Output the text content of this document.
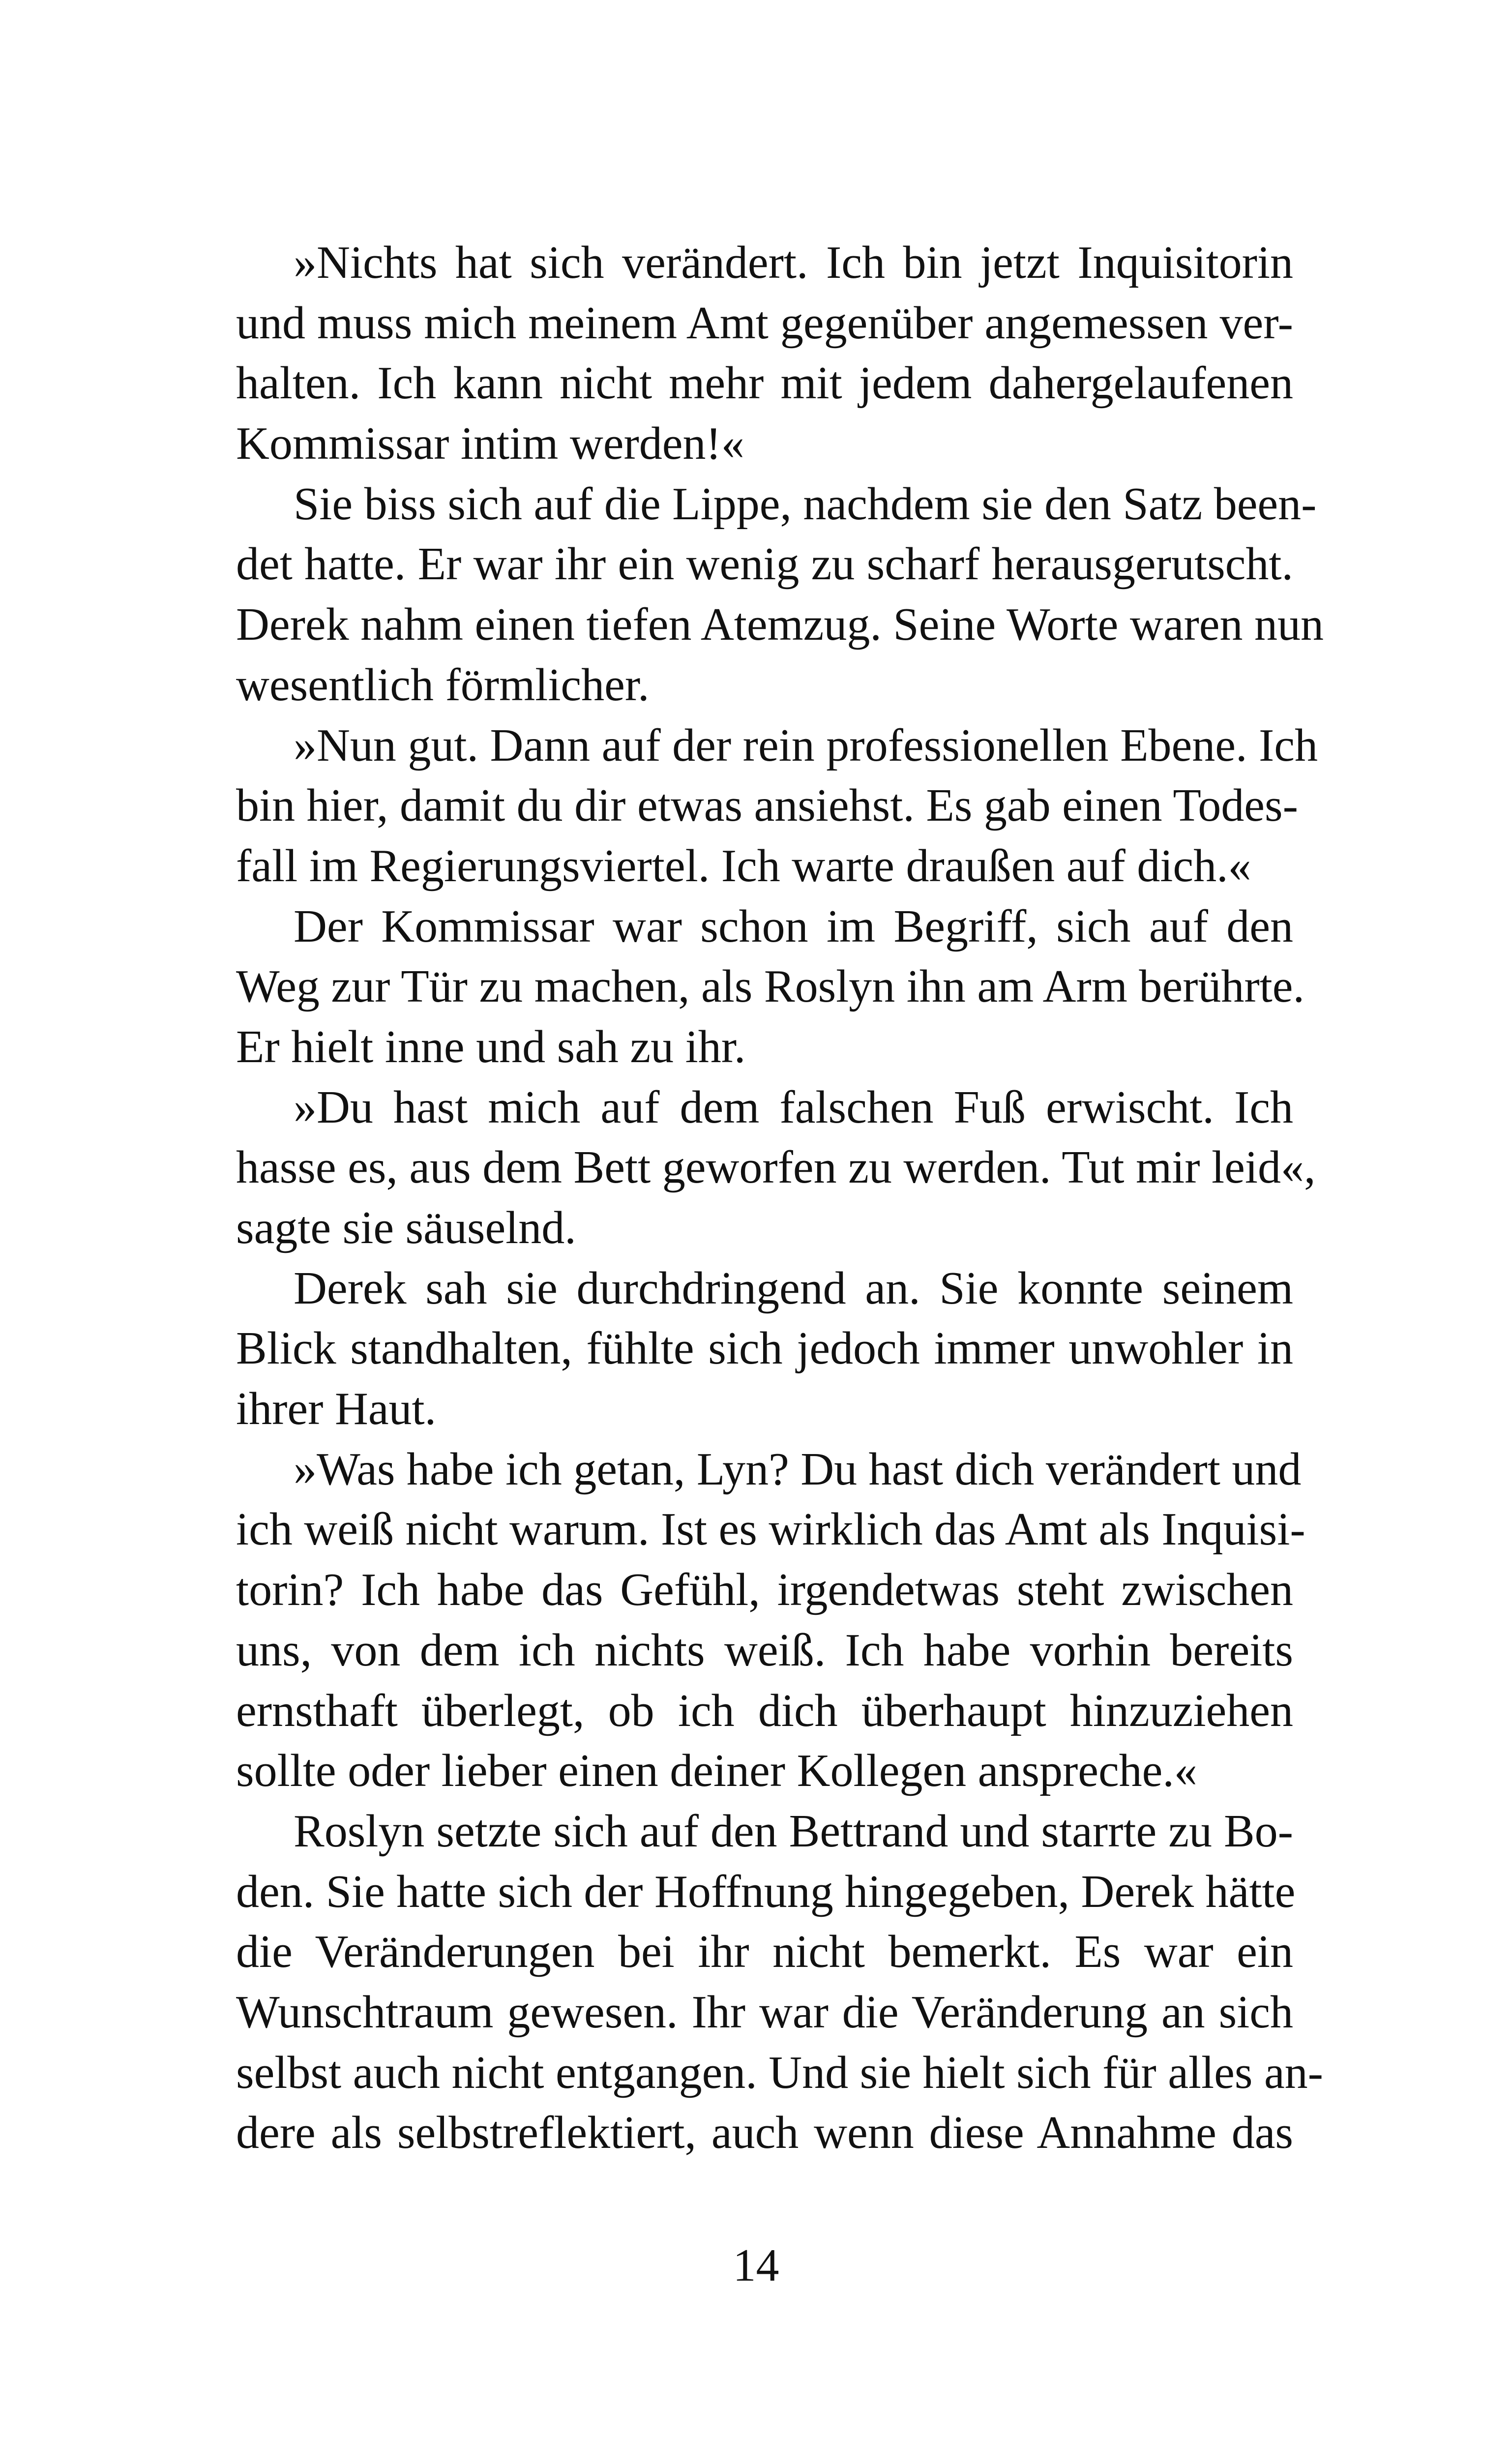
»Nichts hat sich verändert. Ich bin jetzt Inquisitorin
und muss mich meinem Amt gegenüber angemessen ver-
halten. Ich kann nicht mehr mit jedem dahergelaufenen
Kommissar intim werden!«
Sie biss sich auf die Lippe, nachdem sie den Satz been-
det hatte. Er war ihr ein wenig zu scharf herausgerutscht.
Derek nahm einen tiefen Atemzug. Seine Worte waren nun
wesentlich förmlicher.
»Nun gut. Dann auf der rein professionellen Ebene. Ich
bin hier, damit du dir etwas ansiehst. Es gab einen Todes-
fall im Regierungsviertel. Ich warte draußen auf dich.«
Der Kommissar war schon im Begriff, sich auf den
Weg zur Tür zu machen, als Roslyn ihn am Arm berührte.
Er hielt inne und sah zu ihr.
»Du hast mich auf dem falschen Fuß erwischt. Ich
hasse es, aus dem Bett geworfen zu werden. Tut mir leid«,
sagte sie säuselnd.
Derek sah sie durchdringend an. Sie konnte seinem
Blick standhalten, fühlte sich jedoch immer unwohler in
ihrer Haut.
»Was habe ich getan, Lyn? Du hast dich verändert und
ich weiß nicht warum. Ist es wirklich das Amt als Inquisi-
torin? Ich habe das Gefühl, irgendetwas steht zwischen
uns, von dem ich nichts weiß. Ich habe vorhin bereits
ernsthaft überlegt, ob ich dich überhaupt hinzuziehen
sollte oder lieber einen deiner Kollegen anspreche.«
Roslyn setzte sich auf den Bettrand und starrte zu Bo-
den. Sie hatte sich der Hoffnung hingegeben, Derek hätte
die Veränderungen bei ihr nicht bemerkt. Es war ein
Wunschtraum gewesen. Ihr war die Veränderung an sich
selbst auch nicht entgangen. Und sie hielt sich für alles an-
dere als selbstreflektiert, auch wenn diese Annahme das
14
